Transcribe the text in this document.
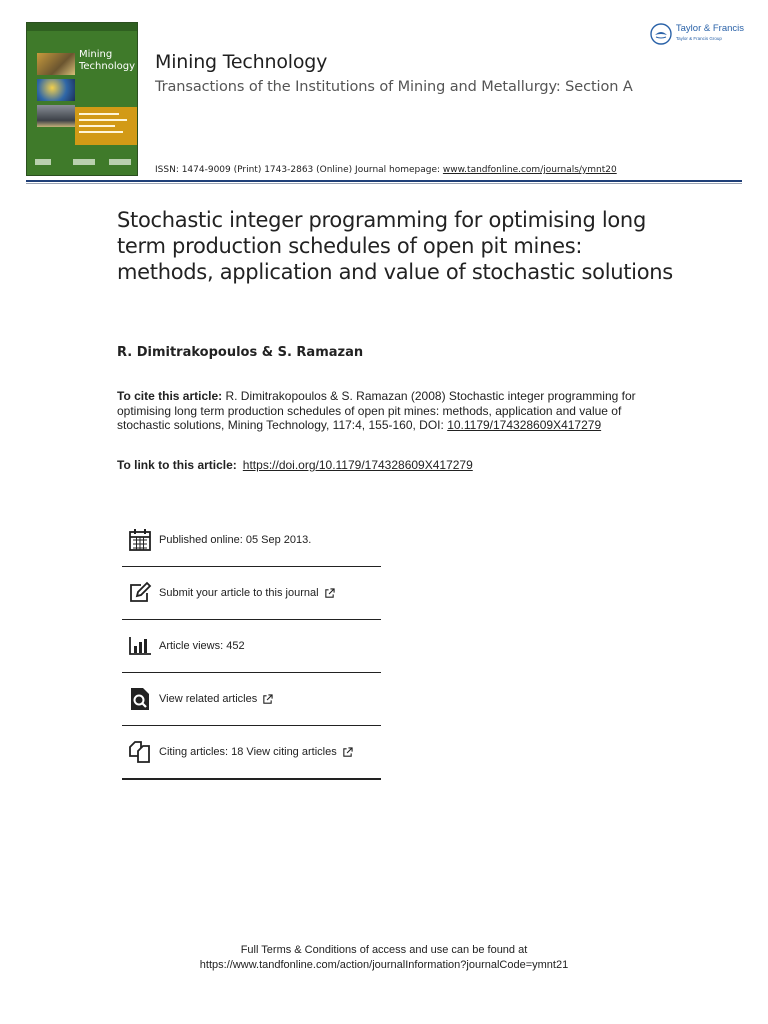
Mining
Technology Mining Technology
Transactions of the Institutions of Mining and Metallurgy: Section A
ISSN: 1474-9009 (Print) 1743-2863 (Online) Journal homepage: www.tandfonline.com/journals/ymnt20
Taylor & Francis
Taylor & Francis Group
Stochastic integer programming for optimising long term production schedules of open pit mines: methods, application and value of stochastic solutions
R. Dimitrakopoulos & S. Ramazan
To cite this article: R. Dimitrakopoulos & S. Ramazan (2008) Stochastic integer programming for optimising long term production schedules of open pit mines: methods, application and value of stochastic solutions, Mining Technology, 117:4, 155-160, DOI: 10.1179/174328609X417279
To link to this article: https://doi.org/10.1179/174328609X417279
Published online: 05 Sep 2013.
Submit your article to this journal
Article views: 452
View related articles
Citing articles: 18 View citing articles
Full Terms & Conditions of access and use can be found at
https://www.tandfonline.com/action/journalInformation?journalCode=ymnt21
